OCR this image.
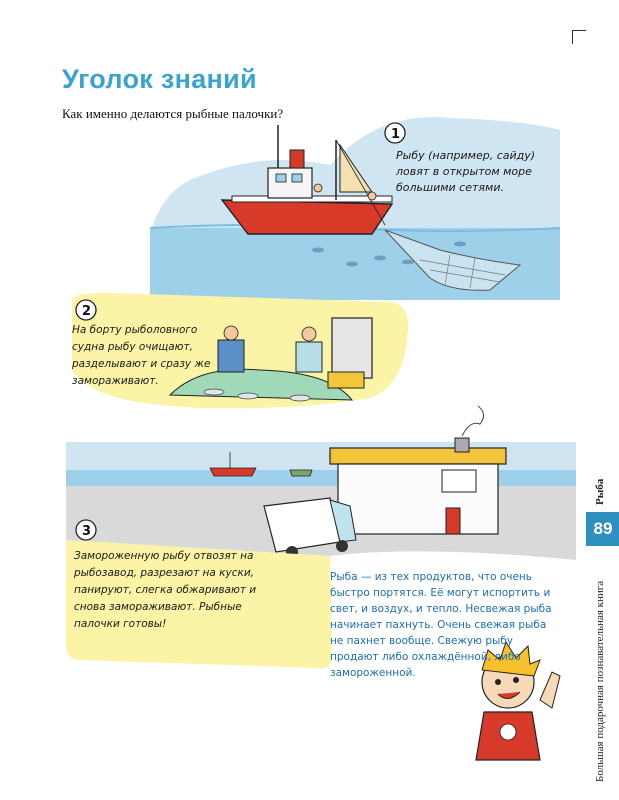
Уголок знаний
Как именно делаются рыбные палочки?
1
2
3
Рыбу (например, сайду) ловят в открытом море большими сетями.
На борту рыболовного судна рыбу очищают, разделывают и сразу же замораживают.
Замороженную рыбу отвозят на рыбозавод, разрезают на куски, панируют, слегка обжаривают и снова замораживают. Рыбные палочки готовы!
Рыба — из тех продуктов, что очень быстро портятся. Её могут испортить и свет, и воздух, и тепло. Несвежая рыба начинает пахнуть. Очень свежая рыба не пахнет вообще. Свежую рыбу продают либо охлаждённой, либо замороженной.
89
Рыба
Большая подарочная познавательная книга
